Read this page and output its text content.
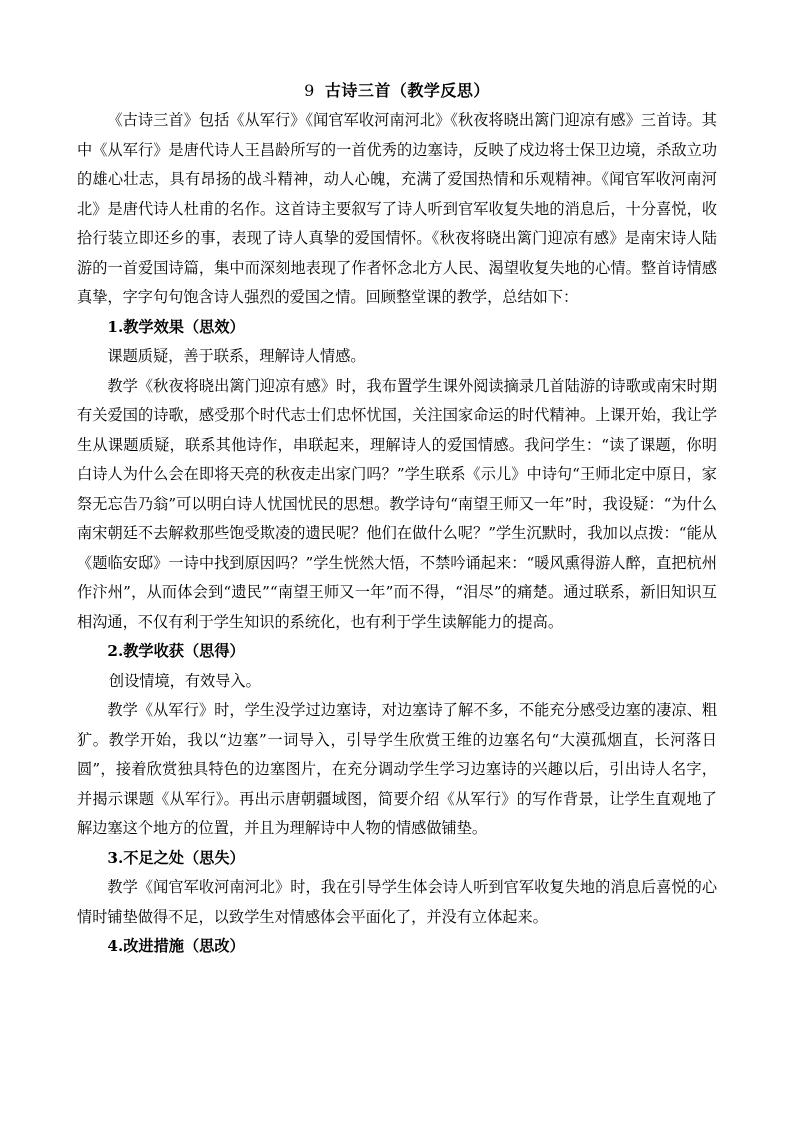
9 古诗三首（教学反思）

《古诗三首》包括《从军行》《闻官军收河南河北》《秋夜将晓出篱门迎凉有感》三首诗。其中《从军行》是唐代诗人王昌龄所写的一首优秀的边塞诗，反映了戍边将士保卫边境，杀敌立功的雄心壮志，具有昂扬的战斗精神，动人心魄，充满了爱国热情和乐观精神。《闻官军收河南河北》是唐代诗人杜甫的名作。这首诗主要叙写了诗人听到官军收复失地的消息后，十分喜悦，收拾行装立即还乡的事，表现了诗人真挚的爱国情怀。《秋夜将晓出篱门迎凉有感》是南宋诗人陆游的一首爱国诗篇，集中而深刻地表现了作者怀念北方人民、渴望收复失地的心情。整首诗情感真挚，字字句句饱含诗人强烈的爱国之情。回顾整堂课的教学，总结如下：

1.教学效果（思效）

课题质疑，善于联系，理解诗人情感。

教学《秋夜将晓出篱门迎凉有感》时，我布置学生课外阅读摘录几首陆游的诗歌或南宋时期有关爱国的诗歌，感受那个时代志士们忠怀忧国，关注国家命运的时代精神。上课开始，我让学生从课题质疑，联系其他诗作，串联起来，理解诗人的爱国情感。我问学生：“读了课题，你明白诗人为什么会在即将天亮的秋夜走出家门吗？”学生联系《示儿》中诗句“王师北定中原日，家祭无忘告乃翁”可以明白诗人忧国忧民的思想。教学诗句“南望王师又一年”时，我设疑：“为什么南宋朝廷不去解救那些饱受欺凌的遗民呢？他们在做什么呢？”学生沉默时，我加以点拨：“能从《题临安邸》一诗中找到原因吗？”学生恍然大悟，不禁吟诵起来：“暖风熏得游人醉，直把杭州作汴州”，从而体会到“遗民”“南望王师又一年”而不得，“泪尽”的痛楚。通过联系，新旧知识互相沟通，不仅有利于学生知识的系统化，也有利于学生读解能力的提高。

2.教学收获（思得）

创设情境，有效导入。

教学《从军行》时，学生没学过边塞诗，对边塞诗了解不多，不能充分感受边塞的凄凉、粗犷。教学开始，我以“边塞”一词导入，引导学生欣赏王维的边塞名句“大漠孤烟直，长河落日圆”，接着欣赏独具特色的边塞图片，在充分调动学生学习边塞诗的兴趣以后，引出诗人名字，并揭示课题《从军行》。再出示唐朝疆域图，简要介绍《从军行》的写作背景，让学生直观地了解边塞这个地方的位置，并且为理解诗中人物的情感做铺垫。

3.不足之处（思失）

教学《闻官军收河南河北》时，我在引导学生体会诗人听到官军收复失地的消息后喜悦的心情时铺垫做得不足，以致学生对情感体会平面化了，并没有立体起来。

4.改进措施（思改）
